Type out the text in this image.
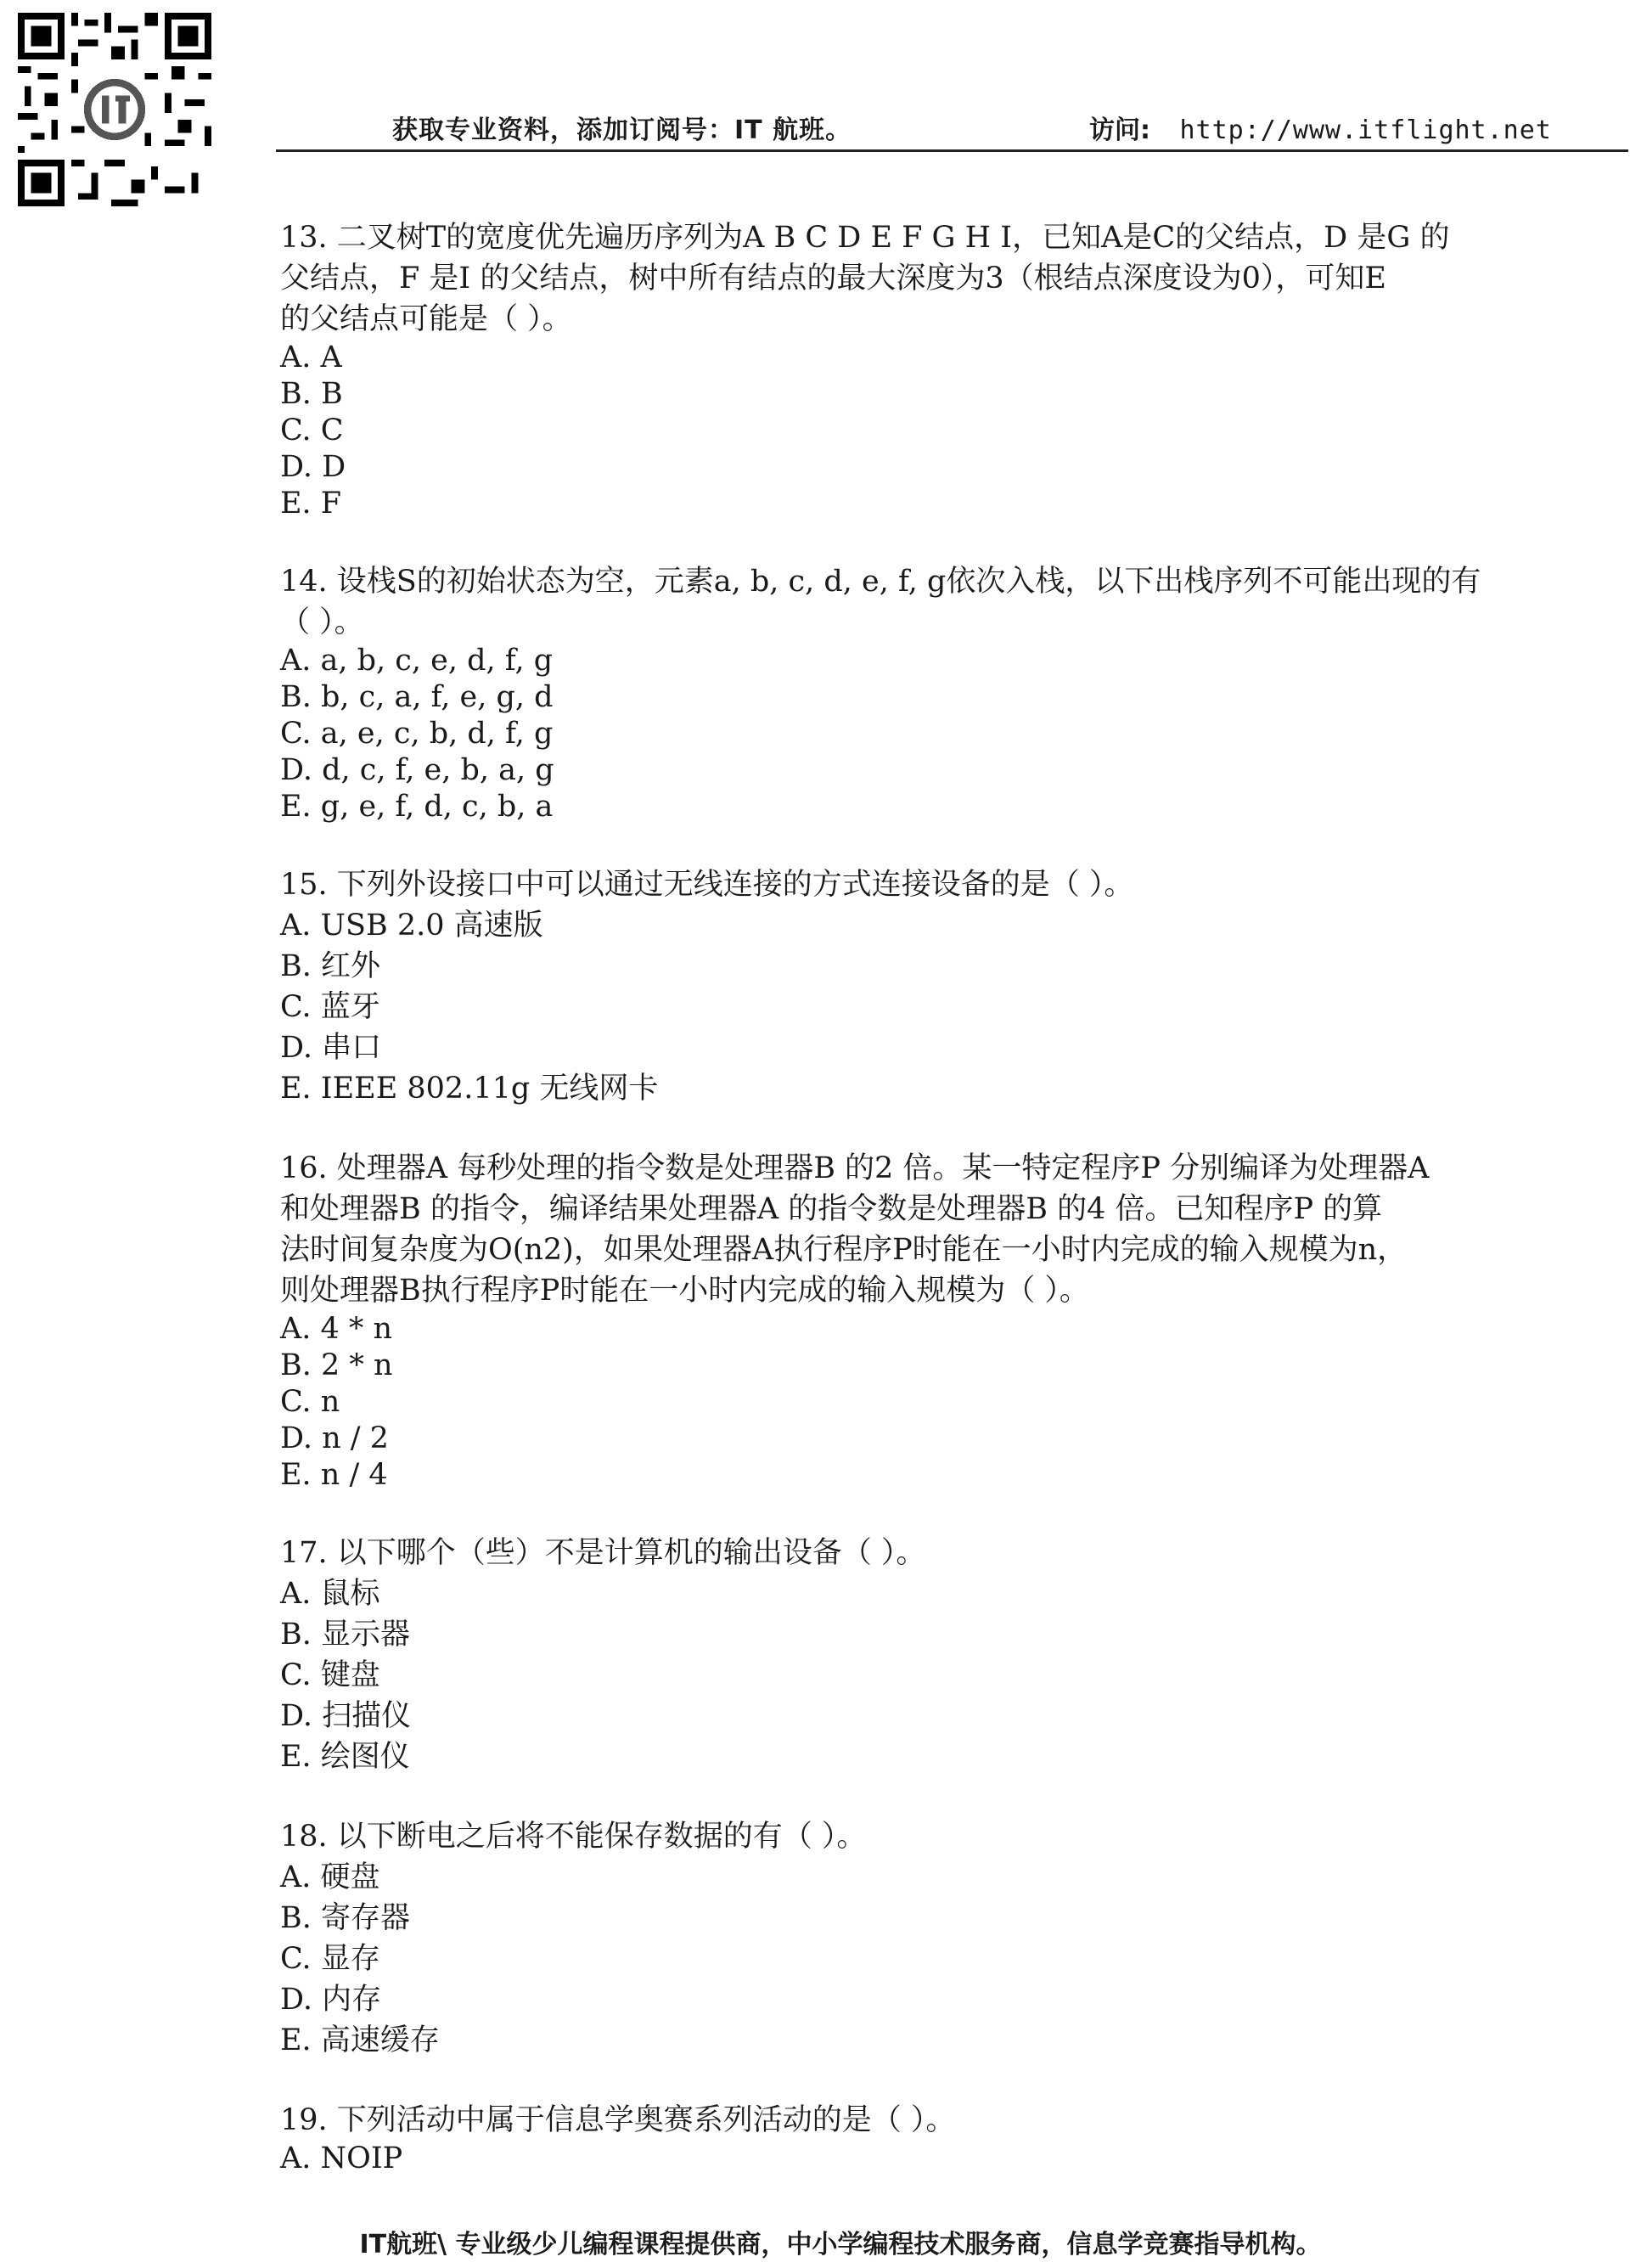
获取专业资料，添加订阅号：IT 航班。	访问: http://www.itflight.net
13. 二叉树T的宽度优先遍历序列为A B C D E F G H I，已知A是C的父结点，D 是G 的
父结点，F 是I 的父结点，树中所有结点的最大深度为3（根结点深度设为0），可知E
的父结点可能是（ ）。
A. A
B. B
C. C
D. D
E. F
14. 设栈S的初始状态为空，元素a, b, c, d, e, f, g依次入栈，以下出栈序列不可能出现的有
（ ）。
A. a, b, c, e, d, f, g
B. b, c, a, f, e, g, d
C. a, e, c, b, d, f, g
D. d, c, f, e, b, a, g
E. g, e, f, d, c, b, a
15. 下列外设接口中可以通过无线连接的方式连接设备的是（ ）。
A. USB 2.0 高速版
B. 红外
C. 蓝牙
D. 串口
E. IEEE 802.11g 无线网卡
16. 处理器A 每秒处理的指令数是处理器B 的2 倍。某一特定程序P 分别编译为处理器A
和处理器B 的指令，编译结果处理器A 的指令数是处理器B 的4 倍。已知程序P 的算
法时间复杂度为O(n2)，如果处理器A执行程序P时能在一小时内完成的输入规模为n，
则处理器B执行程序P时能在一小时内完成的输入规模为（ ）。
A. 4 * n
B. 2 * n
C. n
D. n / 2
E. n / 4
17. 以下哪个（些）不是计算机的输出设备（ ）。
A. 鼠标
B. 显示器
C. 键盘
D. 扫描仪
E. 绘图仪
18. 以下断电之后将不能保存数据的有（ ）。
A. 硬盘
B. 寄存器
C. 显存
D. 内存
E. 高速缓存
19. 下列活动中属于信息学奥赛系列活动的是（ ）。
A. NOIP
IT航班\ 专业级少儿编程课程提供商，中小学编程技术服务商，信息学竞赛指导机构。
